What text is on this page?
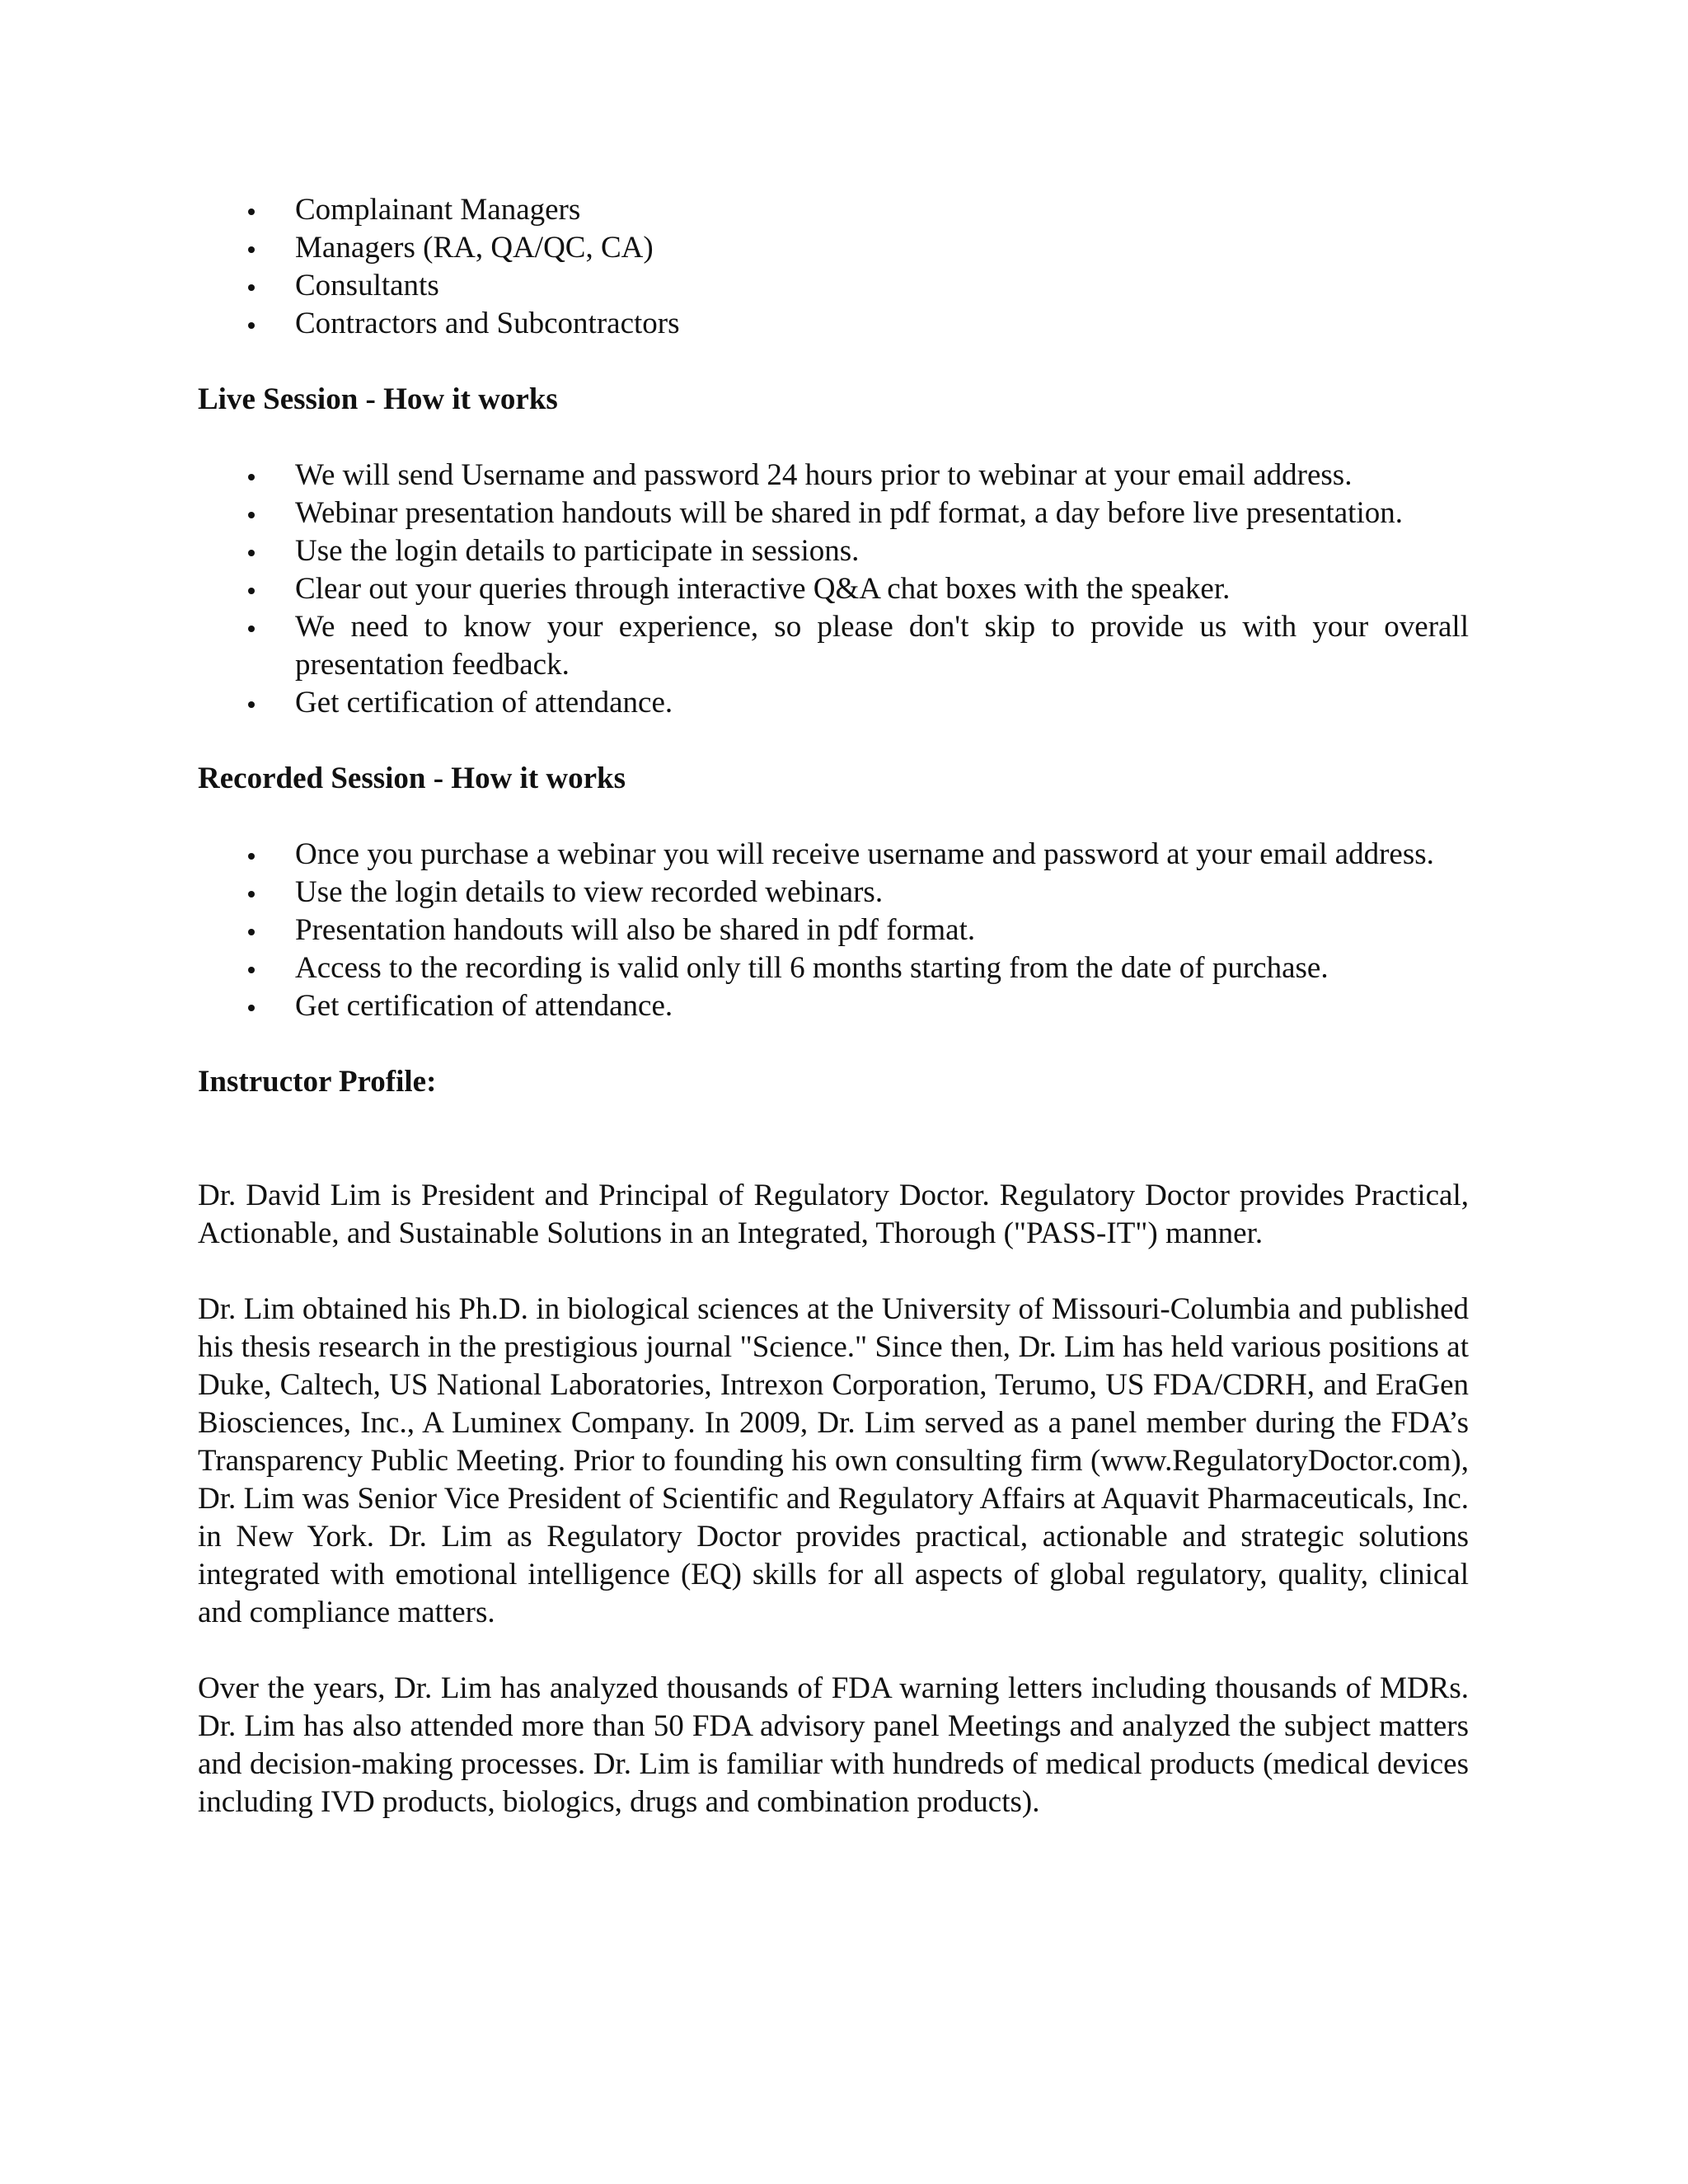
Complainant Managers
Managers (RA, QA/QC, CA)
Consultants
Contractors and Subcontractors
Live Session - How it works
We will send Username and password 24 hours prior to webinar at your email address.
Webinar presentation handouts will be shared in pdf format, a day before live presentation.
Use the login details to participate in sessions.
Clear out your queries through interactive Q&A chat boxes with the speaker.
We need to know your experience, so please don't skip to provide us with your overall presentation feedback.
Get certification of attendance.
Recorded Session - How it works
Once you purchase a webinar you will receive username and password at your email address.
Use the login details to view recorded webinars.
Presentation handouts will also be shared in pdf format.
Access to the recording is valid only till 6 months starting from the date of purchase.
Get certification of attendance.
Instructor Profile:

Dr. David Lim is President and Principal of Regulatory Doctor. Regulatory Doctor provides Practical, Actionable, and Sustainable Solutions in an Integrated, Thorough ("PASS-IT") manner.

Dr. Lim obtained his Ph.D. in biological sciences at the University of Missouri-Columbia and published his thesis research in the prestigious journal "Science." Since then, Dr. Lim has held various positions at Duke, Caltech, US National Laboratories, Intrexon Corporation, Terumo, US FDA/CDRH, and EraGen Biosciences, Inc., A Luminex Company. In 2009, Dr. Lim served as a panel member during the FDA’s Transparency Public Meeting. Prior to founding his own consulting firm (www.RegulatoryDoctor.com), Dr. Lim was Senior Vice President of Scientific and Regulatory Affairs at Aquavit Pharmaceuticals, Inc. in New York. Dr. Lim as Regulatory Doctor provides practical, actionable and strategic solutions integrated with emotional intelligence (EQ) skills for all aspects of global regulatory, quality, clinical and compliance matters.

Over the years, Dr. Lim has analyzed thousands of FDA warning letters including thousands of MDRs. Dr. Lim has also attended more than 50 FDA advisory panel Meetings and analyzed the subject matters and decision-making processes. Dr. Lim is familiar with hundreds of medical products (medical devices including IVD products, biologics, drugs and combination products).
